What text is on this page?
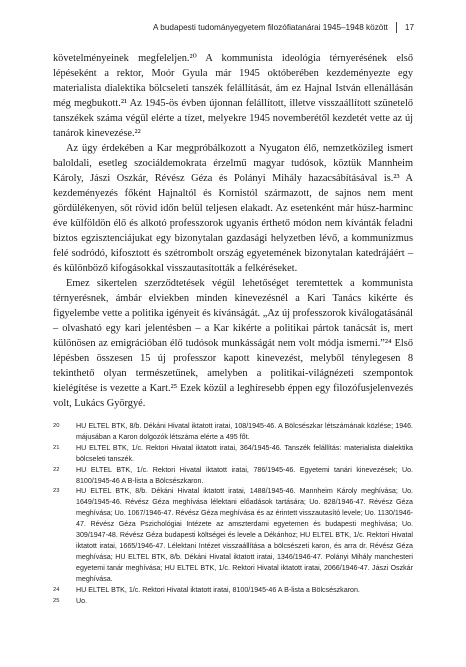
A budapesti tudományegyetem filozófiatanárai 1945–1948 között 17

követelményeinek megfeleljen.²⁰ A kommunista ideológia térnyerésének első lépéseként a rektor, Moór Gyula már 1945 októberében kezdeményezte egy materialista dialektika bölcseleti tanszék felállítását, ám ez Hajnal István ellenállásán még megbukott.²¹ Az 1945-ös évben újonnan felállított, illetve visszaállított szünetelő tanszékek száma végül elérte a tízet, melyekre 1945 novemberétől kezdetét vette az új tanárok kinevezése.²²

Az ügy érdekében a Kar megpróbálkozott a Nyugaton élő, nemzetközileg ismert baloldali, esetleg szociáldemokrata érzelmű magyar tudósok, köztük Mannheim Károly, Jászi Oszkár, Révész Géza és Polányi Mihály hazacsábításával is.²³ A kezdeményezés főként Hajnaltól és Kornistól származott, de sajnos nem ment gördülékenyen, sőt rövid időn belül teljesen elakadt. Az esetenként már húsz-harminc éve külföldön élő és alkotó professzorok ugyanis érthető módon nem kívánták feladni biztos egzisztenciájukat egy bizonytalan gazdasági helyzetben lévő, a kommunizmus felé sodródó, kifosztott és szétrombolt ország egyetemének bizonytalan katedrájáért – és különböző kifogásokkal visszautasították a felkéréseket.

Emez sikertelen szerződtetések végül lehetőséget teremtettek a kommunista térnyerésnek, ámbár elviekben minden kinevezésnél a Kari Tanács kikérte és figyelembe vette a politika igényeit és kívánságát. „Az új professzorok kiválogatásánál – olvasható egy kari jelentésben – a Kar kikérte a politikai pártok tanácsát is, mert különösen az emigrációban élő tudósok munkásságát nem volt módja ismerni.”²⁴ Első lépésben összesen 15 új professzor kapott kinevezést, melyből ténylegesen 8 tekinthető olyan természetűnek, amelyben a politikai-világnézeti szempontok kielégítése is vezette a Kart.²⁵ Ezek közül a leghíresebb éppen egy filozófusjelenvezés volt, Lukács Györgyé.

20	HU ELTEL BTK, 8/b. Dékáni Hivatal iktatott iratai, 108/1945-46. A Bölcsészkar létszámának közlése; 1946. májusában a Karon dolgozók létszáma elérte a 495 főt.
21	HU ELTEL BTK, 1/c. Rektori Hivatal iktatott iratai, 364/1945-46. Tanszék felállítás: materialista dialektika bölcseleti tanszék.
22	HU ELTEL BTK, 1/c. Rektori Hivatal iktatott iratai, 786/1945-46. Egyetemi tanári kinevezések; Uo. 8100/1945-46 A B-lista a Bölcsészkaron.
23	HU ELTEL BTK, 8/b. Dékáni Hivatal iktatott iratai, 1488/1945-46. Mannheim Károly meghívása; Uo. 1649/1945-46. Révész Géza meghívása lélektani előadások tartására; Uo. 828/1946-47. Révész Géza meghívása; Uo. 1067/1946-47. Révész Géza meghívása és az érintett visszautasító levele; Uo. 1130/1946-47. Révész Géza Pszichológiai Intézete az amszterdami egyetemen és budapesti meghívása; Uo. 309/1947-48. Révész Géza budapesti költségei és levele a Dékánhoz; HU ELTEL BTK, 1/c. Rektori Hivatal iktatott iratai, 1665/1946-47. Lélektani Intézet visszaállítása a bölcsészeti karon, és arra dr. Révész Géza meghívása; HU ELTEL BTK, 8/b. Dékáni Hivatal iktatott iratai, 1346/1946-47. Polányi Mihály manchesteri egyetemi tanár meghívása; HU ELTEL BTK, 1/c. Rektori Hivatal iktatott iratai, 2066/1946-47. Jászi Oszkár meghívása.
24	HU ELTEL BTK, 1/c. Rektori Hivatal iktatott iratai, 8100/1945-46 A B-lista a Bölcsészkaron.
25	Uo.
